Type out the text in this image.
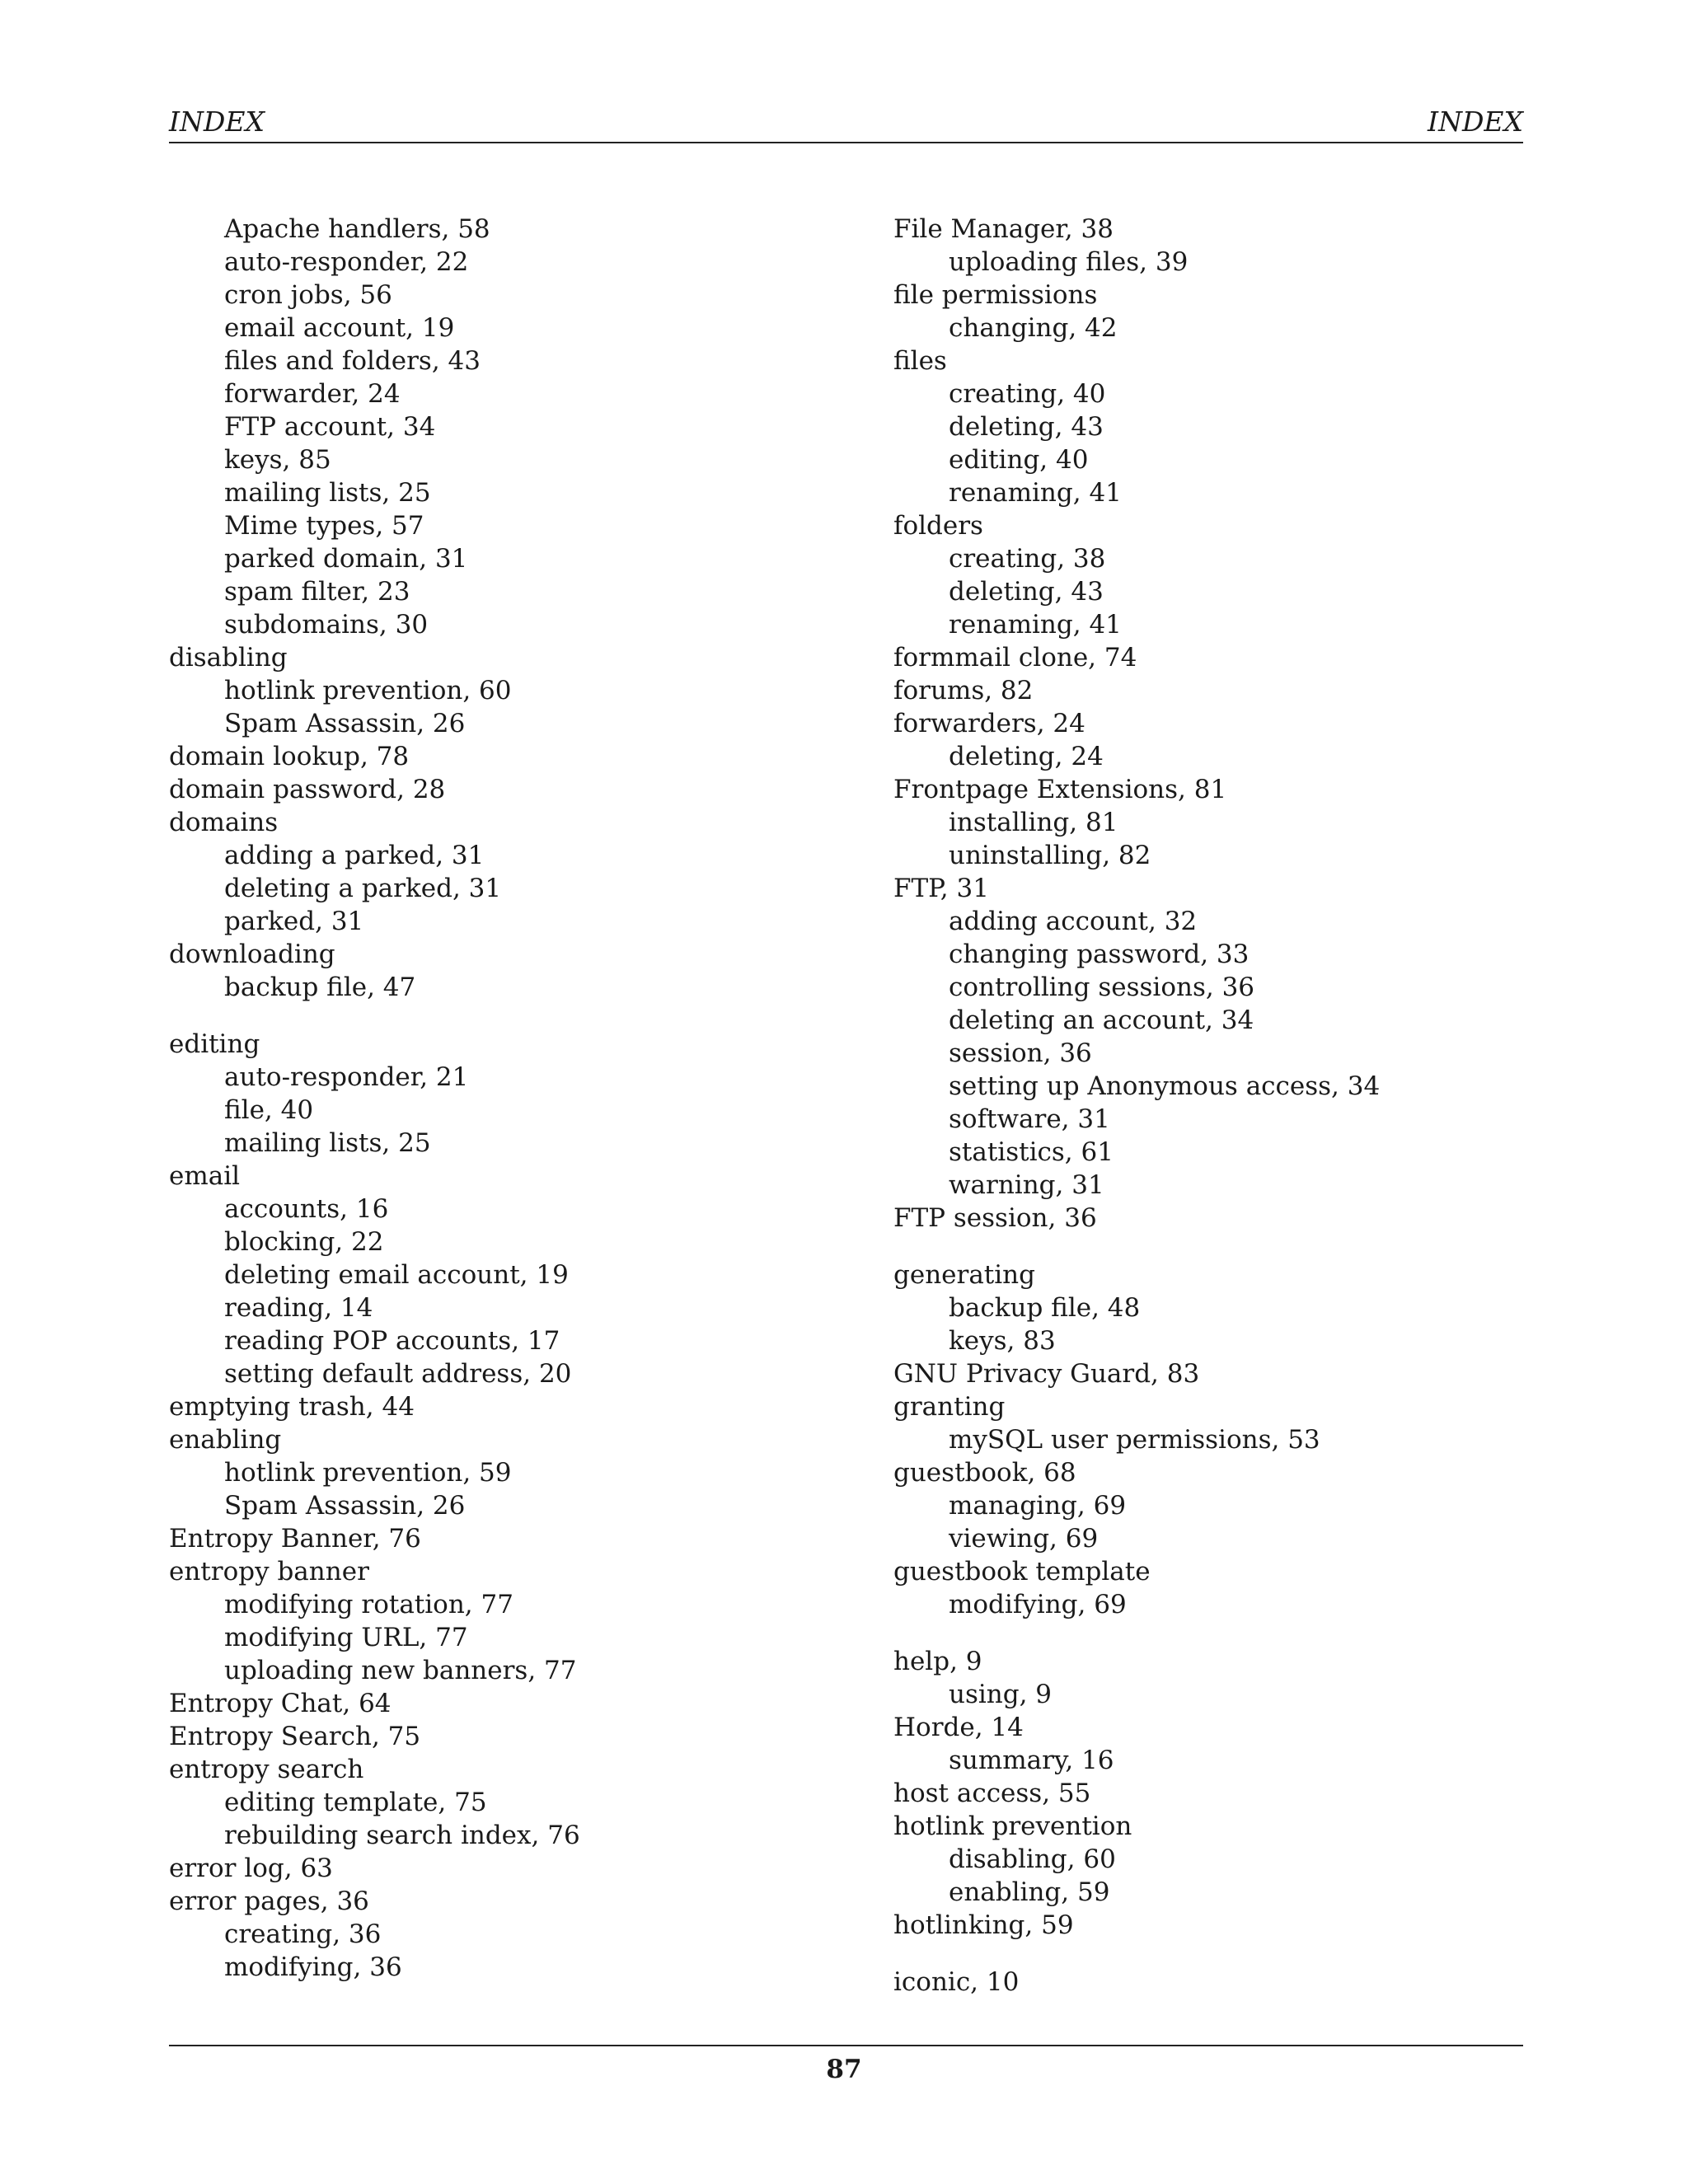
INDEX	INDEX
Apache handlers, 58
auto-responder, 22
cron jobs, 56
email account, 19
files and folders, 43
forwarder, 24
FTP account, 34
keys, 85
mailing lists, 25
Mime types, 57
parked domain, 31
spam filter, 23
subdomains, 30
disabling
hotlink prevention, 60
Spam Assassin, 26
domain lookup, 78
domain password, 28
domains
adding a parked, 31
deleting a parked, 31
parked, 31
downloading
backup file, 47
editing
auto-responder, 21
file, 40
mailing lists, 25
email
accounts, 16
blocking, 22
deleting email account, 19
reading, 14
reading POP accounts, 17
setting default address, 20
emptying trash, 44
enabling
hotlink prevention, 59
Spam Assassin, 26
Entropy Banner, 76
entropy banner
modifying rotation, 77
modifying URL, 77
uploading new banners, 77
Entropy Chat, 64
Entropy Search, 75
entropy search
editing template, 75
rebuilding search index, 76
error log, 63
error pages, 36
creating, 36
modifying, 36
File Manager, 38
uploading files, 39
file permissions
changing, 42
files
creating, 40
deleting, 43
editing, 40
renaming, 41
folders
creating, 38
deleting, 43
renaming, 41
formmail clone, 74
forums, 82
forwarders, 24
deleting, 24
Frontpage Extensions, 81
installing, 81
uninstalling, 82
FTP, 31
adding account, 32
changing password, 33
controlling sessions, 36
deleting an account, 34
session, 36
setting up Anonymous access, 34
software, 31
statistics, 61
warning, 31
FTP session, 36
generating
backup file, 48
keys, 83
GNU Privacy Guard, 83
granting
mySQL user permissions, 53
guestbook, 68
managing, 69
viewing, 69
guestbook template
modifying, 69
help, 9
using, 9
Horde, 14
summary, 16
host access, 55
hotlink prevention
disabling, 60
enabling, 59
hotlinking, 59
iconic, 10
87
